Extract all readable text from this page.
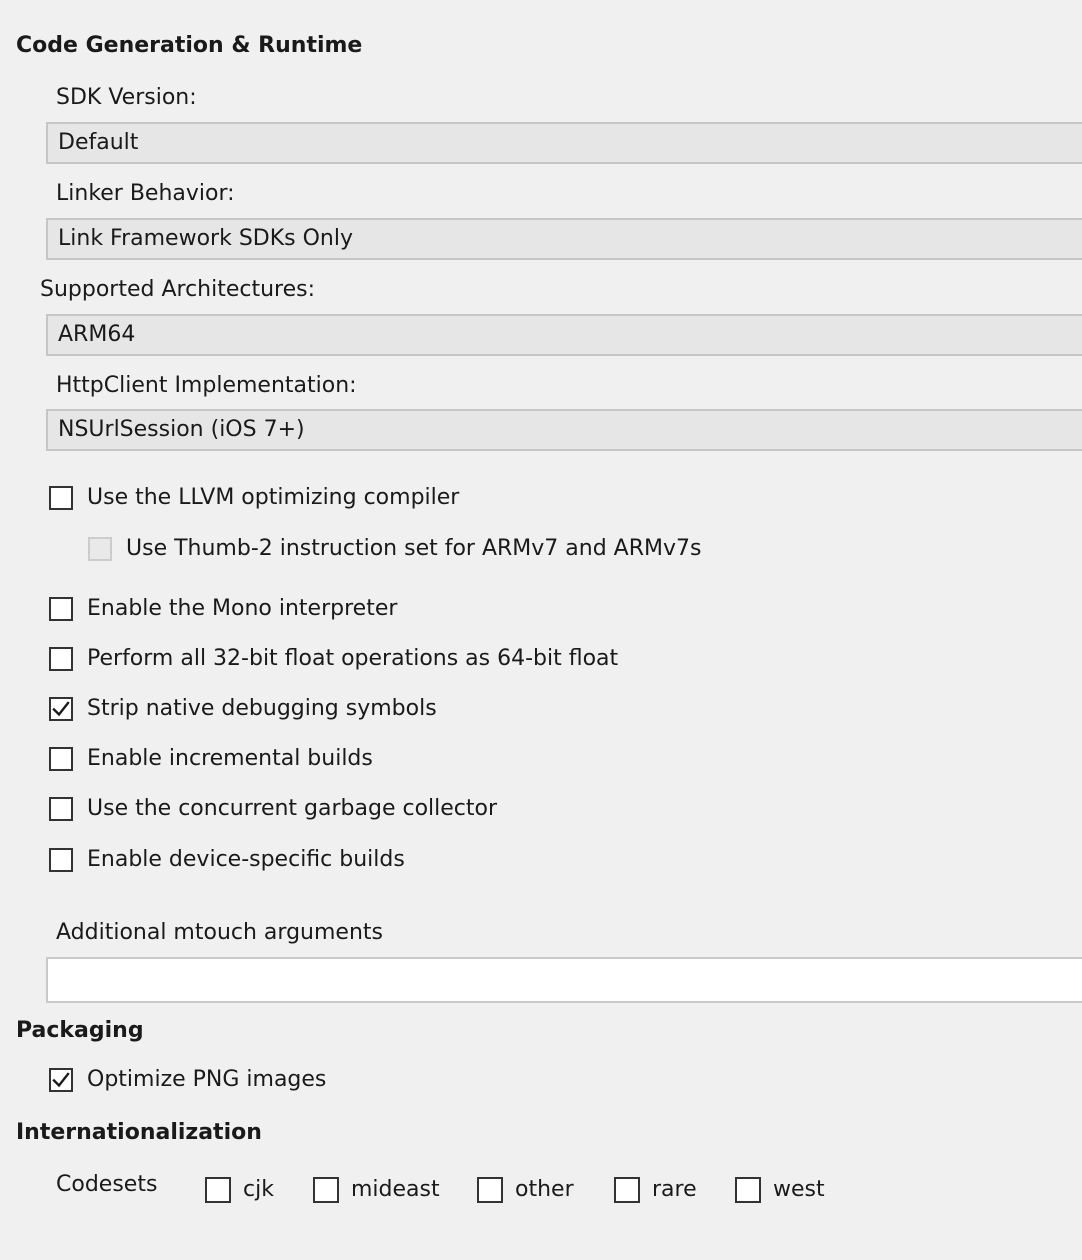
Code Generation & Runtime
SDK Version:
Default
Linker Behavior:
Link Framework SDKs Only
Supported Architectures:
ARM64
HttpClient Implementation:
NSUrlSession (iOS 7+)
Use the LLVM optimizing compiler
Use Thumb-2 instruction set for ARMv7 and ARMv7s
Enable the Mono interpreter
Perform all 32-bit float operations as 64-bit float
Strip native debugging symbols
Enable incremental builds
Use the concurrent garbage collector
Enable device-specific builds
Additional mtouch arguments
Packaging
Optimize PNG images
Internationalization
Codesets	cjk	mideast	other	rare	west
